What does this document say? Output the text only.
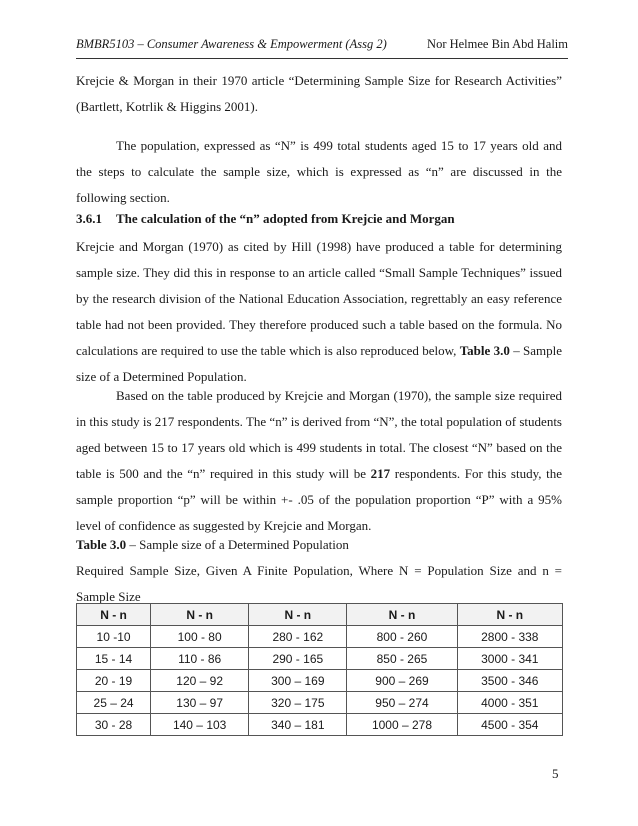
BMBR5103 – Consumer Awareness & Empowerment (Assg 2)	Nor Helmee Bin Abd Halim

Krejcie & Morgan in their 1970 article “Determining Sample Size for Research Activities” (Bartlett, Kotrlik & Higgins 2001).

The population, expressed as “N” is 499 total students aged 15 to 17 years old and the steps to calculate the sample size, which is expressed as “n” are discussed in the following section.

3.6.1 The calculation of the “n” adopted from Krejcie and Morgan

Krejcie and Morgan (1970) as cited by Hill (1998) have produced a table for determining sample size. They did this in response to an article called “Small Sample Techniques” issued by the research division of the National Education Association, regrettably an easy reference table had not been provided. They therefore produced such a table based on the formula. No calculations are required to use the table which is also reproduced below, Table 3.0 – Sample size of a Determined Population.

Based on the table produced by Krejcie and Morgan (1970), the sample size required in this study is 217 respondents. The “n” is derived from “N”, the total population of students aged between 15 to 17 years old which is 499 students in total. The closest “N” based on the table is 500 and the “n” required in this study will be 217 respondents. For this study, the sample proportion “p” will be within +- .05 of the population proportion “P” with a 95% level of confidence as suggested by Krejcie and Morgan.

Table 3.0 – Sample size of a Determined Population

Required Sample Size, Given A Finite Population, Where N = Population Size and n = Sample Size

N - n	N - n	N - n	N - n	N - n
10 -10	100 - 80	280 - 162	800 - 260	2800 - 338
15 - 14	110 - 86	290 - 165	850 - 265	3000 - 341
20 - 19	120 – 92	300 – 169	900 – 269	3500 - 346
25 – 24	130 – 97	320 – 175	950 – 274	4000 - 351
30 - 28	140 – 103	340 – 181	1000 – 278	4500 - 354
5
